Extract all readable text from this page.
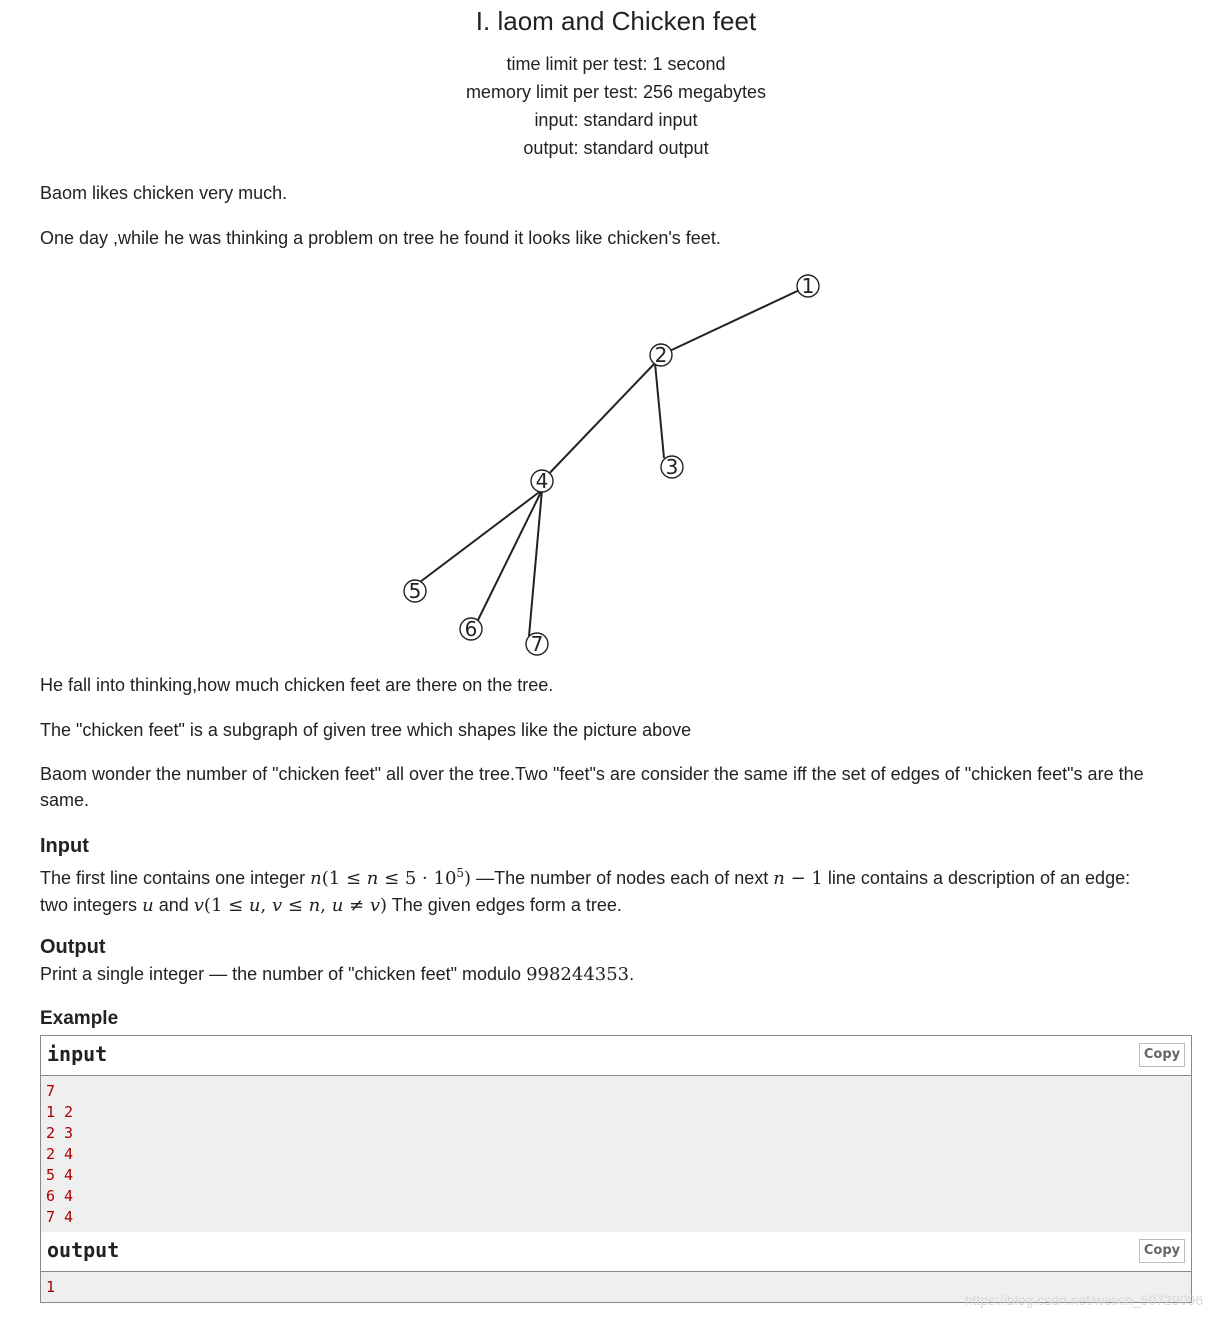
I. laom and Chicken feet
time limit per test: 1 second
memory limit per test: 256 megabytes
input: standard input
output: standard output
Baom likes chicken very much.
One day ,while he was thinking a problem on tree he found it looks like chicken's feet.
1
2
3
4
5
6
7
He fall into thinking,how much chicken feet are there on the tree.
The "chicken feet" is a subgraph of given tree which shapes like the picture above
Baom wonder the number of "chicken feet" all over the tree.Two "feet"s are consider the same iff the set of edges of "chicken feet"s are the same.
Input
The first line contains one integer $n(1 \le n \le 5 \cdot 10^5)$ —The number of nodes each of next n − 1 line contains a description of an edge:
two integers u and v(1 ≤ u, v ≤ n, u ≠ v) The given edges form a tree.
Output
Print a single integer — the number of "chicken feet" modulo 998244353.
Example
input	Copy
7
1 2
2 3
2 4
5 4
6 4
7 4
output	Copy
1
https://blog.csdn.net/weixin_50729096
